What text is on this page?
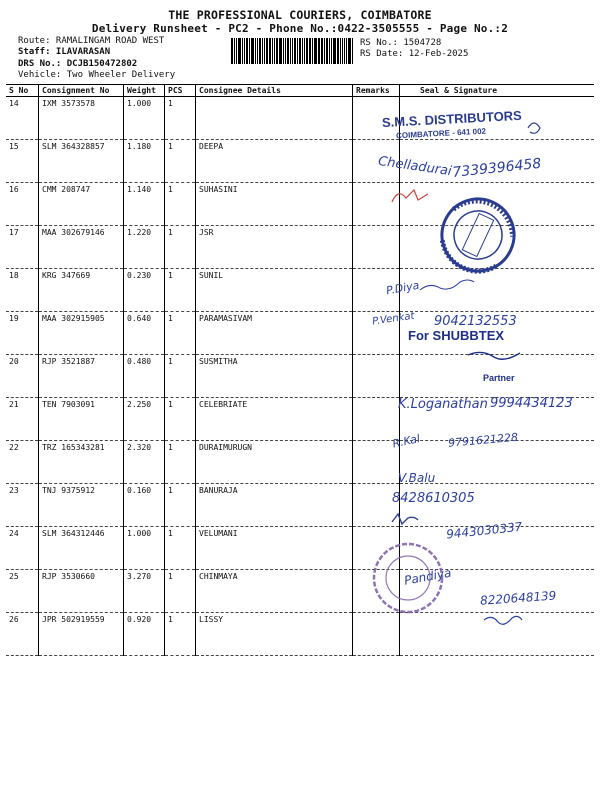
THE PROFESSIONAL COURIERS, COIMBATORE
Delivery Runsheet - PC2 - Phone No.:0422-3505555 - Page No.:2
Route: RAMALINGAM ROAD WEST
Staff: ILAVARASAN
DRS No.: DCJB150472802
Vehicle: Two Wheeler Delivery
RS No.: 1504728
RS Date: 12-Feb-2025
S No	Consignment No	Weight	PCS	Consignee Details	Remarks	Seal & Signature
14	IXM 3573578	1.000	1			
15	SLM 364328857	1.180	1	DEEPA		
16	CMM 208747	1.140	1	SUHASINI		
17	MAA 302679146	1.220	1	JSR		
18	KRG 347669	0.230	1	SUNIL		
19	MAA 302915905	0.640	1	PARAMASIVAM		
20	RJP 3521887	0.480	1	SUSMITHA		
21	TEN 7903091	2.250	1	CELEBRIATE		
22	TRZ 165343281	2.320	1	DURAIMURUGN		
23	TNJ 9375912	0.160	1	BANURAJA		
24	SLM 364312446	1.000	1	VELUMANI		
25	RJP 3530660	3.270	1	CHINMAYA		
26	JPR 502919559	0.920	1	LISSY		
S.M.S. DISTRIBUTORS
COIMBATORE - 641 002
Chelladurai 7339396458
P.Diya
P.Venkat 9042132553
For SHUBBTEX
Partner
K.Loganathan 9994434123
R.Kal 9791621228
V.Balu
8428610305
9443030337
Pandiya
8220648139
